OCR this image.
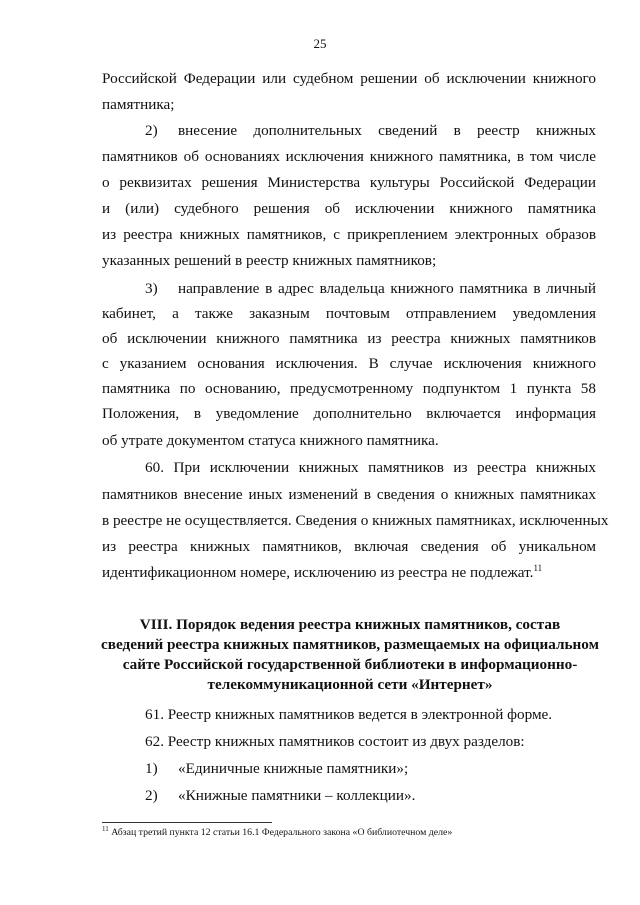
25
Российской Федерации или судебном решении об исключении книжного
памятника;
2) внесение дополнительных сведений в реестр книжных
памятников об основаниях исключения книжного памятника, в том числе
о реквизитах решения Министерства культуры Российской Федерации
и (или) судебного решения об исключении книжного памятника
из реестра книжных памятников, с прикреплением электронных образов
указанных решений в реестр книжных памятников;
3) направление в адрес владельца книжного памятника в личный
кабинет, а также заказным почтовым отправлением уведомления
об исключении книжного памятника из реестра книжных памятников
с указанием основания исключения. В случае исключения книжного
памятника по основанию, предусмотренному подпунктом 1 пункта 58
Положения, в уведомление дополнительно включается информация
об утрате документом статуса книжного памятника.
60. При исключении книжных памятников из реестра книжных
памятников внесение иных изменений в сведения о книжных памятниках
в реестре не осуществляется. Сведения о книжных памятниках, исключенных
из реестра книжных памятников, включая сведения об уникальном
идентификационном номере, исключению из реестра не подлежат.$^{11}$
VIII. Порядок ведения реестра книжных памятников, состав
сведений реестра книжных памятников, размещаемых на официальном
сайте Российской государственной библиотеки в информационно-
телекоммуникационной сети «Интернет»
61. Реестр книжных памятников ведется в электронной форме.
62. Реестр книжных памятников состоит из двух разделов:
1) «Единичные книжные памятники»;
2) «Книжные памятники – коллекции».
$^{11}$ Абзац третий пункта 12 статьи 16.1 Федерального закона «О библиотечном деле»
